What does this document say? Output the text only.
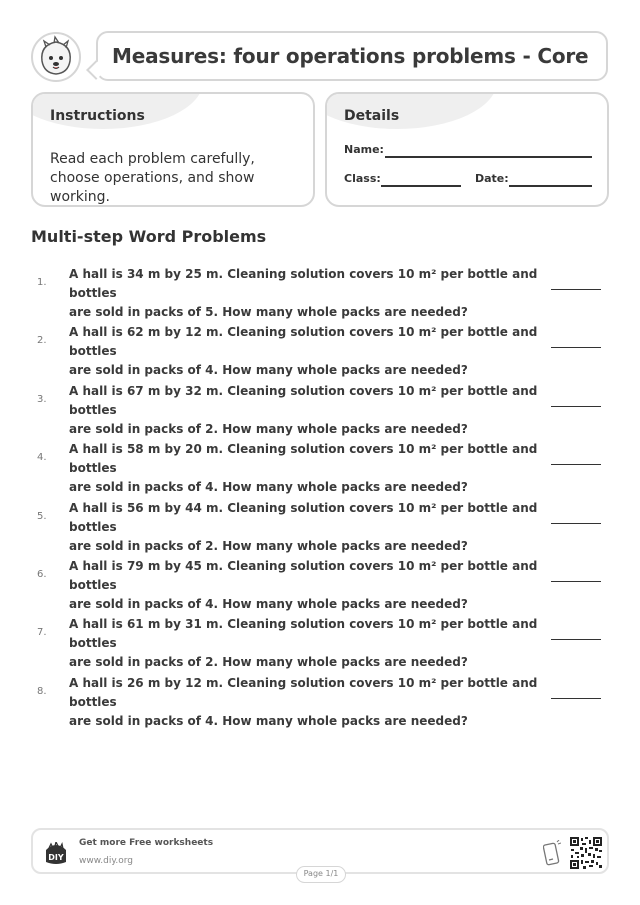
Measures: four operations problems - Core
Instructions
Read each problem carefully, choose operations, and show working.
Details
Name:
Class:	Date:
Multi-step Word Problems
1.
A hall is 34 m by 25 m. Cleaning solution covers 10 m² per bottle and bottles
are sold in packs of 5. How many whole packs are needed?
2.
A hall is 62 m by 12 m. Cleaning solution covers 10 m² per bottle and bottles
are sold in packs of 4. How many whole packs are needed?
3.
A hall is 67 m by 32 m. Cleaning solution covers 10 m² per bottle and bottles
are sold in packs of 2. How many whole packs are needed?
4.
A hall is 58 m by 20 m. Cleaning solution covers 10 m² per bottle and bottles
are sold in packs of 4. How many whole packs are needed?
5.
A hall is 56 m by 44 m. Cleaning solution covers 10 m² per bottle and bottles
are sold in packs of 2. How many whole packs are needed?
6.
A hall is 79 m by 45 m. Cleaning solution covers 10 m² per bottle and bottles
are sold in packs of 4. How many whole packs are needed?
7.
A hall is 61 m by 31 m. Cleaning solution covers 10 m² per bottle and bottles
are sold in packs of 2. How many whole packs are needed?
8.
A hall is 26 m by 12 m. Cleaning solution covers 10 m² per bottle and bottles
are sold in packs of 4. How many whole packs are needed?
DIY
Get more Free worksheets
www.diy.org
Page 1/1
